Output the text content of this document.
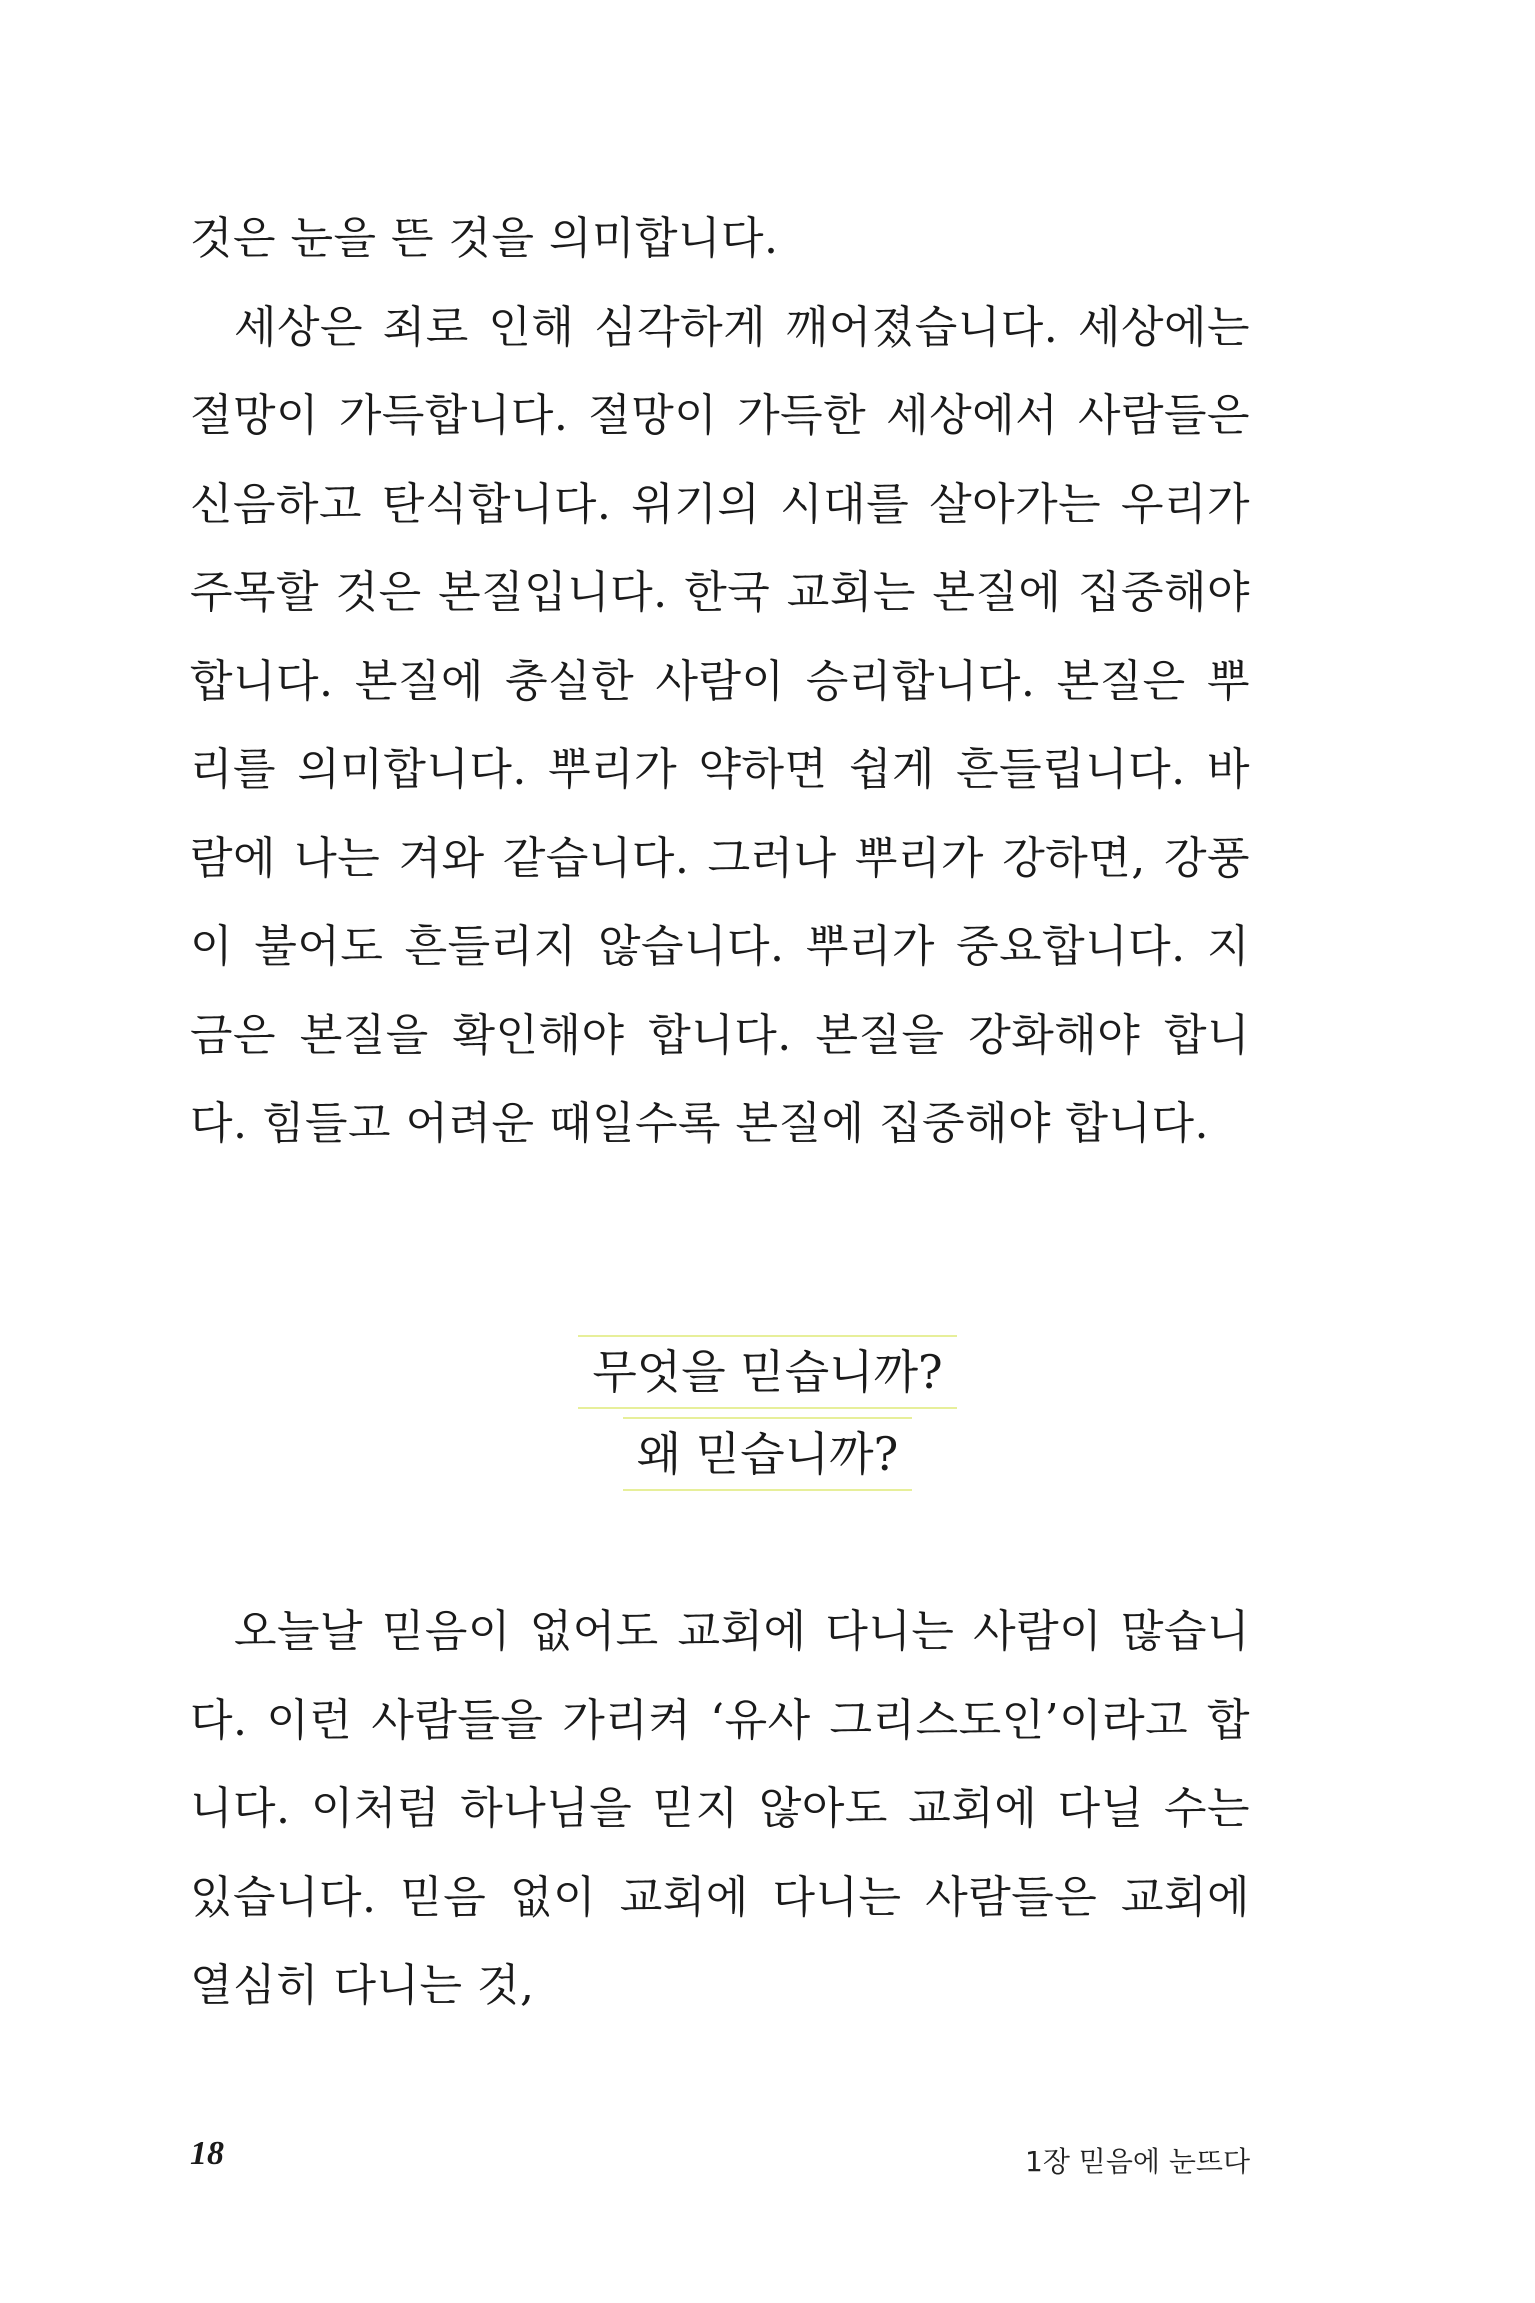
것은 눈을 뜬 것을 의미합니다.

세상은 죄로 인해 심각하게 깨어졌습니다. 세상에는 절망이 가득합니다. 절망이 가득한 세상에서 사람들은 신음하고 탄식합니다. 위기의 시대를 살아가는 우리가 주목할 것은 본질입니다. 한국 교회는 본질에 집중해야 합니다. 본질에 충실한 사람이 승리합니다. 본질은 뿌리를 의미합니다. 뿌리가 약하면 쉽게 흔들립니다. 바람에 나는 겨와 같습니다. 그러나 뿌리가 강하면, 강풍이 불어도 흔들리지 않습니다. 뿌리가 중요합니다. 지금은 본질을 확인해야 합니다. 본질을 강화해야 합니다. 힘들고 어려운 때일수록 본질에 집중해야 합니다.

무엇을 믿습니까?
왜 믿습니까?

오늘날 믿음이 없어도 교회에 다니는 사람이 많습니다. 이런 사람들을 가리켜 ‘유사 그리스도인’이라고 합니다. 이처럼 하나님을 믿지 않아도 교회에 다닐 수는 있습니다. 믿음 없이 교회에 다니는 사람들은 교회에 열심히 다니는 것,

18	1장 믿음에 눈뜨다
